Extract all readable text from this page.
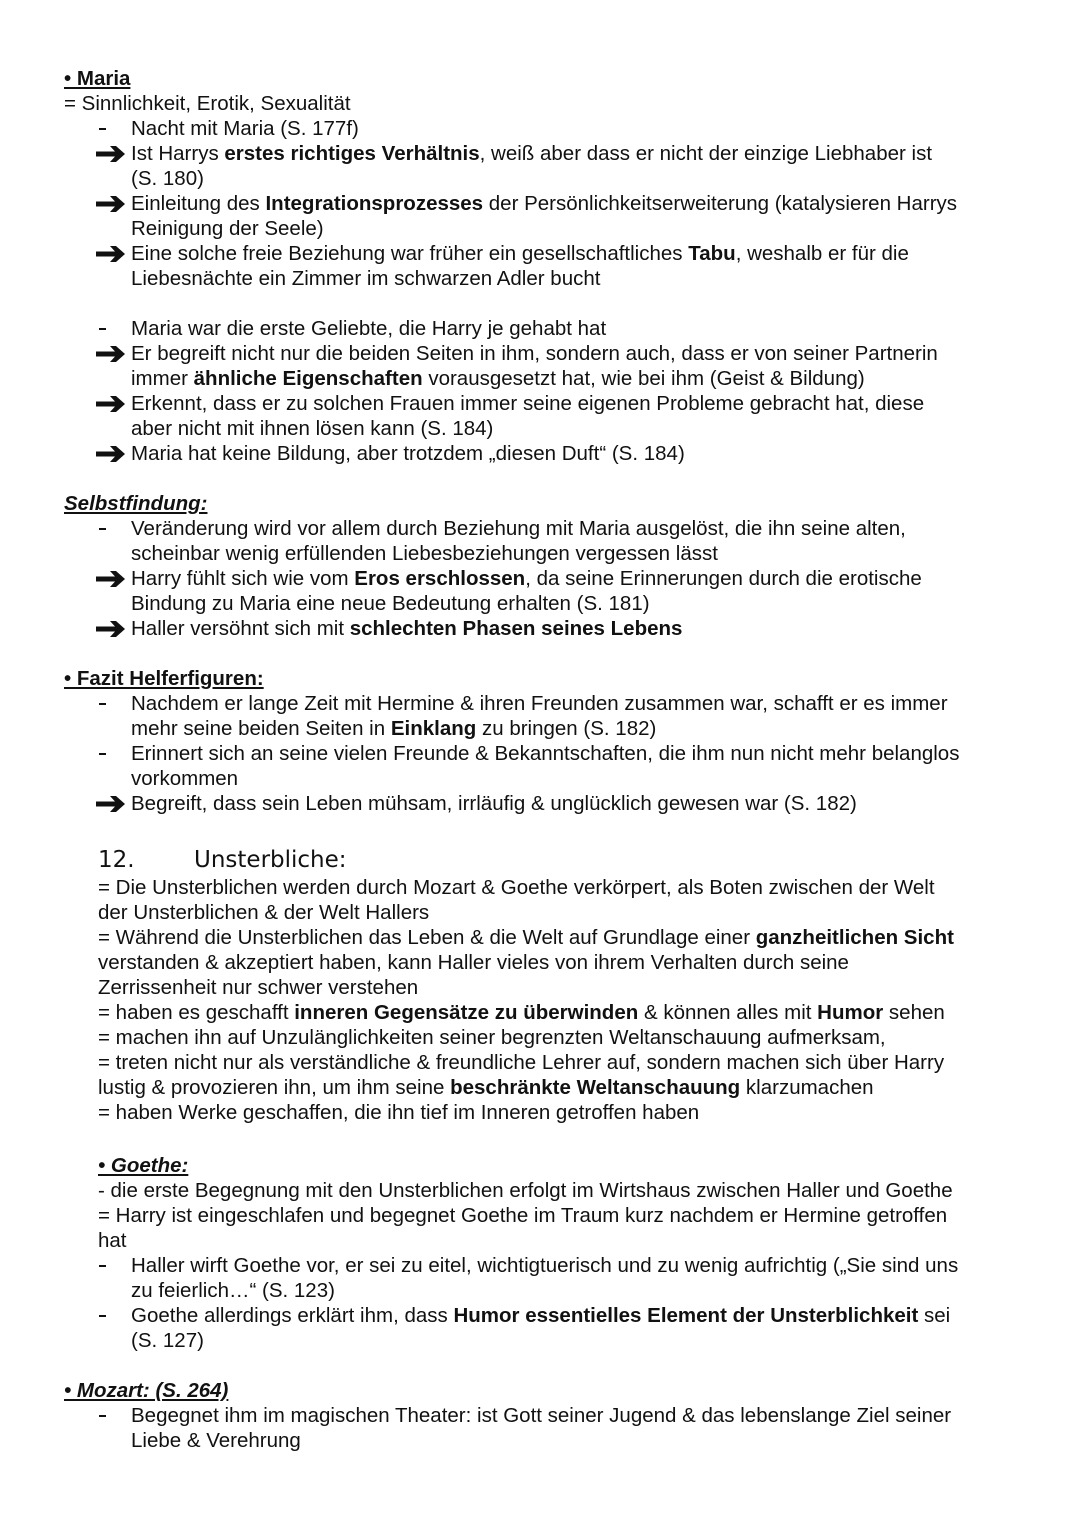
• Maria
= Sinnlichkeit, Erotik, Sexualität
Nacht mit Maria (S. 177f)
Ist Harrys erstes richtiges Verhältnis, weiß aber dass er nicht der einzige Liebhaber ist
(S. 180)
Einleitung des Integrationsprozesses der Persönlichkeitserweiterung (katalysieren Harrys
Reinigung der Seele)
Eine solche freie Beziehung war früher ein gesellschaftliches Tabu, weshalb er für die
Liebesnächte ein Zimmer im schwarzen Adler bucht
Maria war die erste Geliebte, die Harry je gehabt hat
Er begreift nicht nur die beiden Seiten in ihm, sondern auch, dass er von seiner Partnerin
immer ähnliche Eigenschaften vorausgesetzt hat, wie bei ihm (Geist & Bildung)
Erkennt, dass er zu solchen Frauen immer seine eigenen Probleme gebracht hat, diese
aber nicht mit ihnen lösen kann (S. 184)
Maria hat keine Bildung, aber trotzdem „diesen Duft“ (S. 184)
Selbstfindung:
Veränderung wird vor allem durch Beziehung mit Maria ausgelöst, die ihn seine alten,
scheinbar wenig erfüllenden Liebesbeziehungen vergessen lässt
Harry fühlt sich wie vom Eros erschlossen, da seine Erinnerungen durch die erotische
Bindung zu Maria eine neue Bedeutung erhalten (S. 181)
Haller versöhnt sich mit schlechten Phasen seines Lebens
• Fazit Helferfiguren:
Nachdem er lange Zeit mit Hermine & ihren Freunden zusammen war, schafft er es immer
mehr seine beiden Seiten in Einklang zu bringen (S. 182)
Erinnert sich an seine vielen Freunde & Bekanntschaften, die ihm nun nicht mehr belanglos
vorkommen
Begreift, dass sein Leben mühsam, irrläufig & unglücklich gewesen war (S. 182)
12.	Unsterbliche:
= Die Unsterblichen werden durch Mozart & Goethe verkörpert, als Boten zwischen der Welt
der Unsterblichen & der Welt Hallers
= Während die Unsterblichen das Leben & die Welt auf Grundlage einer ganzheitlichen Sicht
verstanden & akzeptiert haben, kann Haller vieles von ihrem Verhalten durch seine
Zerrissenheit nur schwer verstehen
= haben es geschafft inneren Gegensätze zu überwinden & können alles mit Humor sehen
= machen ihn auf Unzulänglichkeiten seiner begrenzten Weltanschauung aufmerksam,
= treten nicht nur als verständliche & freundliche Lehrer auf, sondern machen sich über Harry
lustig & provozieren ihn, um ihm seine beschränkte Weltanschauung klarzumachen
= haben Werke geschaffen, die ihn tief im Inneren getroffen haben
• Goethe:
- die erste Begegnung mit den Unsterblichen erfolgt im Wirtshaus zwischen Haller und Goethe
= Harry ist eingeschlafen und begegnet Goethe im Traum kurz nachdem er Hermine getroffen
hat
Haller wirft Goethe vor, er sei zu eitel, wichtigtuerisch und zu wenig aufrichtig („Sie sind uns
zu feierlich…“ (S. 123)
Goethe allerdings erklärt ihm, dass Humor essentielles Element der Unsterblichkeit sei
(S. 127)
• Mozart: (S. 264)
Begegnet ihm im magischen Theater: ist Gott seiner Jugend & das lebenslange Ziel seiner
Liebe & Verehrung
